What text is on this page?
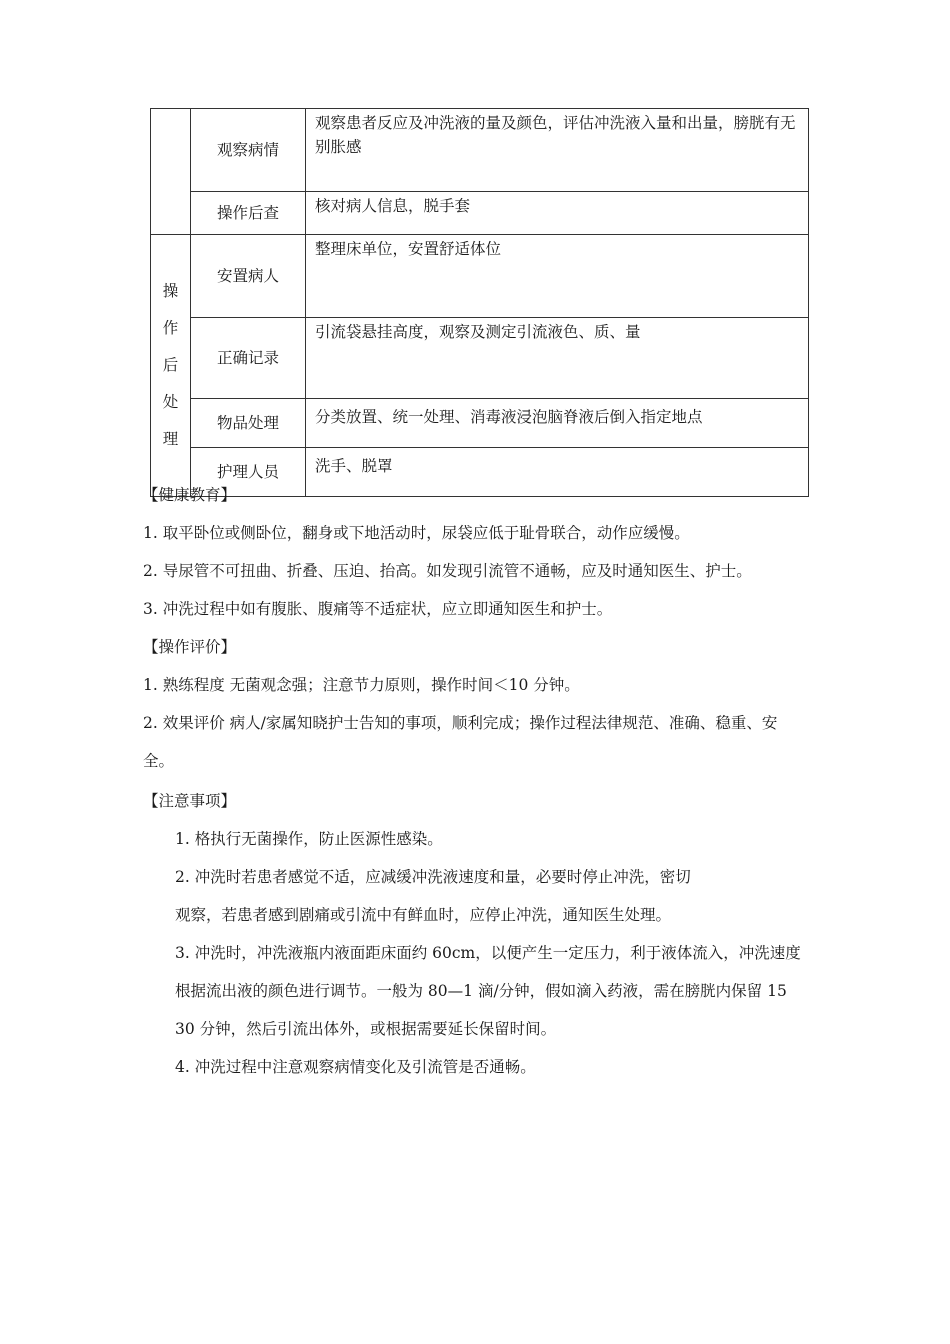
	观察病情	观察患者反应及冲洗液的量及颜色，评估冲洗液入量和出量，膀胱有无别胀感
	操作后查	核对病人信息，脱手套

操
作
后
处
理	安置病人	整理床单位，安置舒适体位
	正确记录	引流袋悬挂高度，观察及测定引流液色、质、量
	物品处理	分类放置、统一处理、消毒液浸泡脑脊液后倒入指定地点
	护理人员	洗手、脱罩
【健康教育】

1. 取平卧位或侧卧位，翻身或下地活动时，尿袋应低于耻骨联合，动作应缓慢。

2. 导尿管不可扭曲、折叠、压迫、抬高。如发现引流管不通畅，应及时通知医生、护士。

3. 冲洗过程中如有腹胀、腹痛等不适症状，应立即通知医生和护士。

【操作评价】

1. 熟练程度 无菌观念强；注意节力原则，操作时间＜10 分钟。

2. 效果评价 病人/家属知晓护士告知的事项，顺利完成；操作过程法律规范、准确、稳重、安全。

【注意事项】

1. 格执行无菌操作，防止医源性感染。

2. 冲洗时若患者感觉不适，应减缓冲洗液速度和量，必要时停止冲洗，密切

观察，若患者感到剧痛或引流中有鲜血时，应停止冲洗，通知医生处理。

3. 冲洗时，冲洗液瓶内液面距床面约 60cm，以便产生一定压力，利于液体流入，冲洗速度根据流出液的颜色进行调节。一般为 80—1 滴/分钟，假如滴入药液，需在膀胱内保留 15 30 分钟，然后引流出体外，或根据需要延长保留时间。

4. 冲洗过程中注意观察病情变化及引流管是否通畅。
